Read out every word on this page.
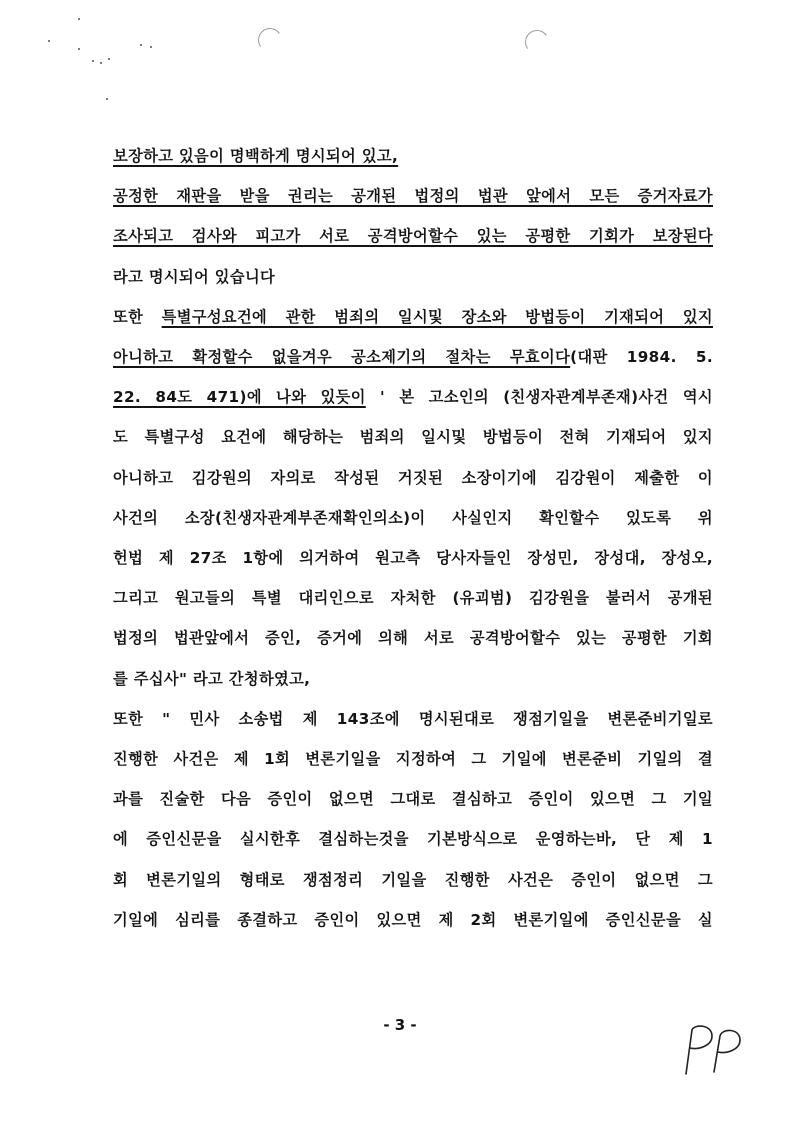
보장하고 있음이 명백하게 명시되어 있고,
공정한 재판을 받을 권리는 공개된 법정의 법관 앞에서 모든 증거자료가
조사되고 검사와 피고가 서로 공격방어할수 있는 공평한 기회가 보장된다
라고 명시되어 있습니다
또한 특별구성요건에 관한 범죄의 일시및 장소와 방법등이 기재되어 있지
아니하고 확정할수 없을겨우 공소제기의 절차는 무효이다(대판 1984. 5.
22. 84도 471)에 나와 있듯이 ' 본 고소인의 (친생자관계부존재)사건 역시
도 특별구성 요건에 해당하는 범죄의 일시및 방법등이 전혀 기재되어 있지
아니하고 김강원의 자의로 작성된 거짓된 소장이기에 김강원이 제출한 이
사건의 소장(친생자관계부존재확인의소)이 사실인지 확인할수 있도록 위
헌법 제 27조 1항에 의거하여 원고측 당사자들인 장성민, 장성대, 장성오,
그리고 원고들의 특별 대리인으로 자처한 (유괴범) 김강원을 불러서 공개된
법정의 법관앞에서 증인, 증거에 의해 서로 공격방어할수 있는 공평한 기회
를 주십사" 라고 간청하였고,
또한 " 민사 소송법 제 143조에 명시된대로 쟁점기일을 변론준비기일로
진행한 사건은 제 1회 변론기일을 지정하여 그 기일에 변론준비 기일의 결
과를 진술한 다음 증인이 없으면 그대로 결심하고 증인이 있으면 그 기일
에 증인신문을 실시한후 결심하는것을 기본방식으로 운영하는바, 단 제 1
회 변론기일의 형태로 쟁점정리 기일을 진행한 사건은 증인이 없으면 그
기일에 심리를 종결하고 증인이 있으면 제 2회 변론기일에 증인신문을 실
- 3 -
